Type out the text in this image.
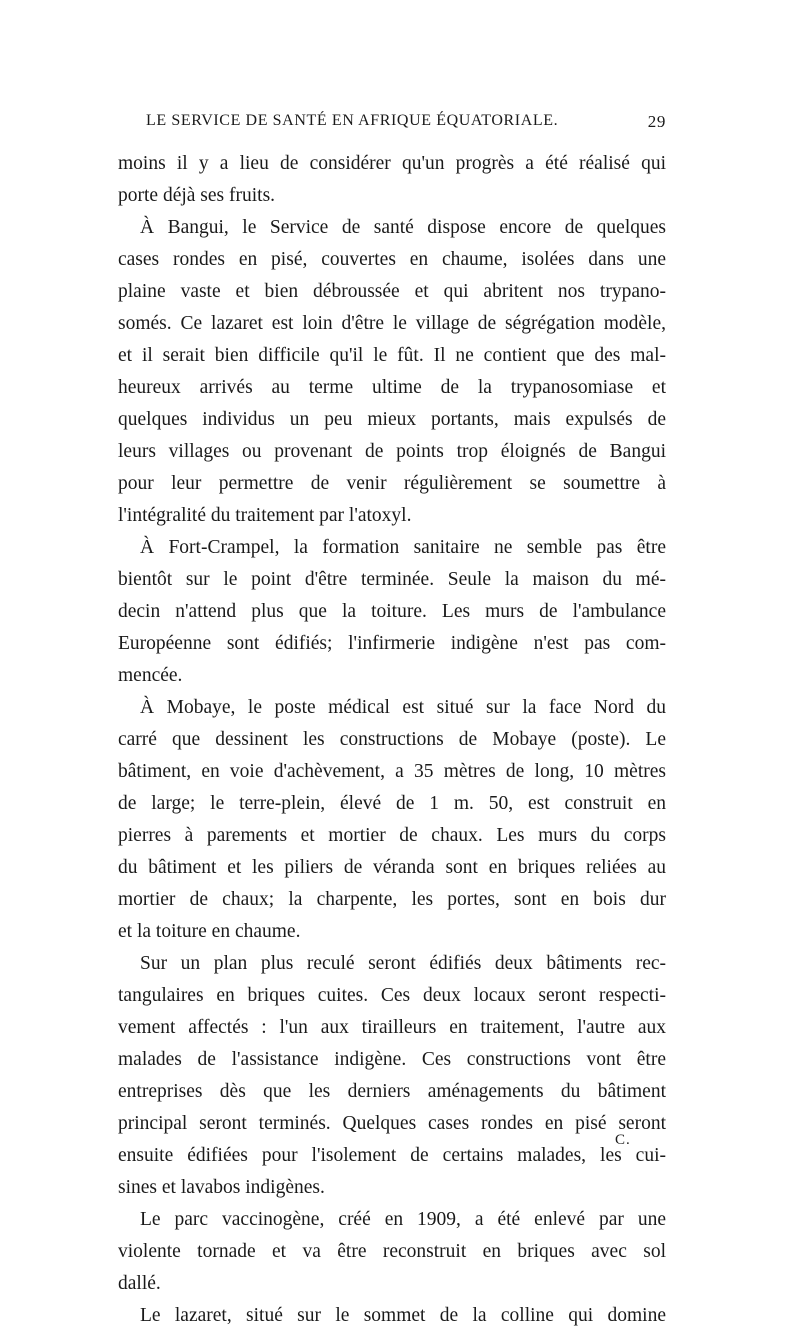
LE SERVICE DE SANTÉ EN AFRIQUE ÉQUATORIALE.	29
moins il y a lieu de considérer qu'un progrès a été réalisé qui
porte déjà ses fruits.
À Bangui, le Service de santé dispose encore de quelques
cases rondes en pisé, couvertes en chaume, isolées dans une
plaine vaste et bien débroussée et qui abritent nos trypano-
somés. Ce lazaret est loin d'être le village de ségrégation modèle,
et il serait bien difficile qu'il le fût. Il ne contient que des mal-
heureux arrivés au terme ultime de la trypanosomiase et
quelques individus un peu mieux portants, mais expulsés de
leurs villages ou provenant de points trop éloignés de Bangui
pour leur permettre de venir régulièrement se soumettre à
l'intégralité du traitement par l'atoxyl.
À Fort-Crampel, la formation sanitaire ne semble pas être
bientôt sur le point d'être terminée. Seule la maison du mé-
decin n'attend plus que la toiture. Les murs de l'ambulance
Européenne sont édifiés; l'infirmerie indigène n'est pas com-
mencée.
À Mobaye, le poste médical est situé sur la face Nord du
carré que dessinent les constructions de Mobaye (poste). Le
bâtiment, en voie d'achèvement, a 35 mètres de long, 10 mètres
de large; le terre-plein, élevé de 1 m. 50, est construit en
pierres à parements et mortier de chaux. Les murs du corps
du bâtiment et les piliers de véranda sont en briques reliées au
mortier de chaux; la charpente, les portes, sont en bois dur
et la toiture en chaume.
Sur un plan plus reculé seront édifiés deux bâtiments rec-
tangulaires en briques cuites. Ces deux locaux seront respecti-
vement affectés : l'un aux tirailleurs en traitement, l'autre aux
malades de l'assistance indigène. Ces constructions vont être
entreprises dès que les derniers aménagements du bâtiment
principal seront terminés. Quelques cases rondes en pisé seront
ensuite édifiées pour l'isolement de certains malades, les cui-
sines et lavabos indigènes.
Le parc vaccinogène, créé en 1909, a été enlevé par une
violente tornade et va être reconstruit en briques avec sol
dallé.
Le lazaret, situé sur le sommet de la colline qui domine
C.
